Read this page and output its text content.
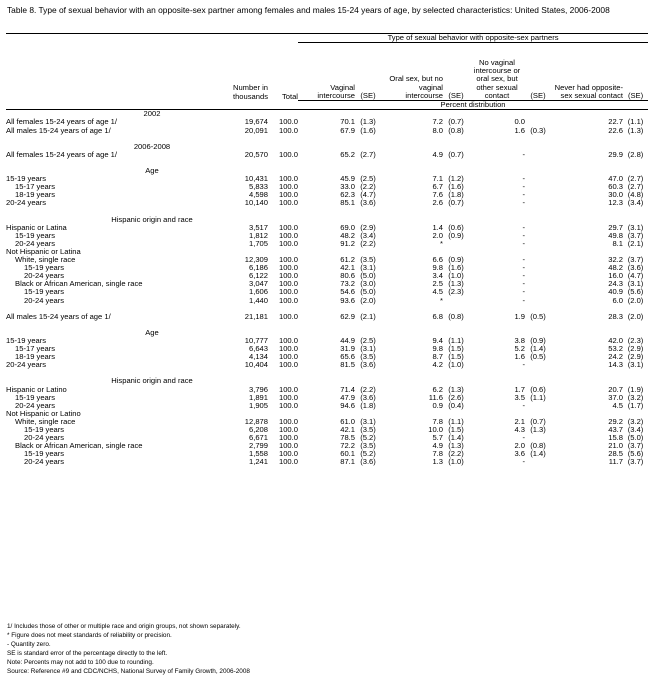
Table 8. Type of sexual behavior with an opposite-sex partner among females and males 15-24 years of age, by selected characteristics: United States, 2006-2008
			Type of sexual behavior with opposite-sex partners							
	Number in thousands	Total	Vaginal intercourse	(SE)	Oral sex, but no vaginal intercourse	(SE)	No vaginal intercourse or oral sex, but other sexual contact	(SE)	Never had opposite-sex sexual contact	(SE)
			Percent distribution							
2002										
All females 15-24 years of age 1/	19,674	100.0	70.1	(1.3)	7.2	(0.7)	0.0		22.7	(1.1)
All males 15-24 years of age 1/	20,091	100.0	67.9	(1.6)	8.0	(0.8)	1.6	(0.3)	22.6	(1.3)

2006-2008										
All females 15-24 years of age 1/	20,570	100.0	65.2	(2.7)	4.9	(0.7)	-		29.9	(2.8)

Age										
15-19 years	10,431	100.0	45.9	(2.5)	7.1	(1.2)	-		47.0	(2.7)
15-17 years	5,833	100.0	33.0	(2.2)	6.7	(1.6)	-		60.3	(2.7)
18-19 years	4,598	100.0	62.3	(4.7)	7.6	(1.8)	-		30.0	(4.8)
20-24 years	10,140	100.0	85.1	(3.6)	2.6	(0.7)	-		12.3	(3.4)

Hispanic origin and race										
Hispanic or Latina	3,517	100.0	69.0	(2.9)	1.4	(0.6)	-		29.7	(3.1)
15-19 years	1,812	100.0	48.2	(3.4)	2.0	(0.9)	-		49.8	(3.7)
20-24 years	1,705	100.0	91.2	(2.2)	*		-		8.1	(2.1)
Not Hispanic or Latina										
White, single race	12,309	100.0	61.2	(3.5)	6.6	(0.9)	-		32.2	(3.7)
15-19 years	6,186	100.0	42.1	(3.1)	9.8	(1.6)	-		48.2	(3.6)
20-24 years	6,122	100.0	80.6	(5.0)	3.4	(1.0)	-		16.0	(4.7)
Black or African American, single race	3,047	100.0	73.2	(3.0)	2.5	(1.3)	-		24.3	(3.1)
15-19 years	1,606	100.0	54.6	(5.0)	4.5	(2.3)	-		40.9	(5.6)
20-24 years	1,440	100.0	93.6	(2.0)	*		-		6.0	(2.0)

All males 15-24 years of age 1/	21,181	100.0	62.9	(2.1)	6.8	(0.8)	1.9	(0.5)	28.3	(2.0)

Age										
15-19 years	10,777	100.0	44.9	(2.5)	9.4	(1.1)	3.8	(0.9)	42.0	(2.3)
15-17 years	6,643	100.0	31.9	(3.1)	9.8	(1.5)	5.2	(1.4)	53.2	(2.9)
18-19 years	4,134	100.0	65.6	(3.5)	8.7	(1.5)	1.6	(0.5)	24.2	(2.9)
20-24 years	10,404	100.0	81.5	(3.6)	4.2	(1.0)	-		14.3	(3.1)

Hispanic origin and race										
Hispanic or Latino	3,796	100.0	71.4	(2.2)	6.2	(1.3)	1.7	(0.6)	20.7	(1.9)
15-19 years	1,891	100.0	47.9	(3.6)	11.6	(2.6)	3.5	(1.1)	37.0	(3.2)
20-24 years	1,905	100.0	94.6	(1.8)	0.9	(0.4)	-		4.5	(1.7)
Not Hispanic or Latino										
White, single race	12,878	100.0	61.0	(3.1)	7.8	(1.1)	2.1	(0.7)	29.2	(3.2)
15-19 years	6,208	100.0	42.1	(3.5)	10.0	(1.5)	4.3	(1.3)	43.7	(3.4)
20-24 years	6,671	100.0	78.5	(5.2)	5.7	(1.4)	-		15.8	(5.0)
Black or African American, single race	2,799	100.0	72.2	(3.5)	4.9	(1.3)	2.0	(0.8)	21.0	(3.7)
15-19 years	1,558	100.0	60.1	(5.2)	7.8	(2.2)	3.6	(1.4)	28.5	(5.6)
20-24 years	1,241	100.0	87.1	(3.6)	1.3	(1.0)	-		11.7	(3.7)
1/ Includes those of other or multiple race and origin groups, not shown separately.
* Figure does not meet standards of reliability or precision.
- Quantity zero.
SE is standard error of the percentage directly to the left.
Note: Percents may not add to 100 due to rounding.
Source: Reference #9 and CDC/NCHS, National Survey of Family Growth, 2006-2008
